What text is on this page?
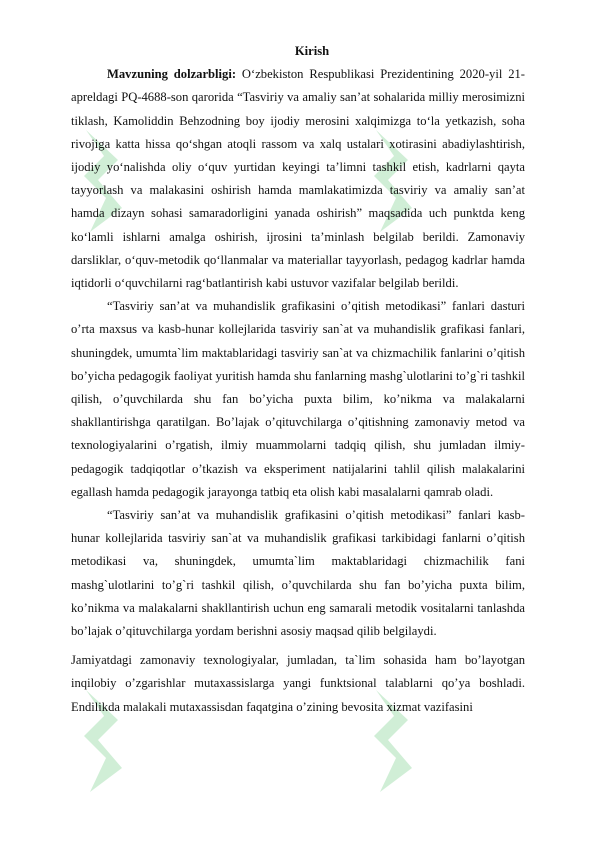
Kirish

Mavzuning dolzarbligi: O‘zbekiston Respublikasi Prezidentining 2020-yil 21-apreldagi PQ-4688-son qarorida “Tasviriy va amaliy san’at sohalarida milliy merosimizni tiklash, Kamoliddin Behzodning boy ijodiy merosini xalqimizga to‘la yetkazish, soha rivojiga katta hissa qo‘shgan atoqli rassom va xalq ustalari xotirasini abadiylashtirish, ijodiy yo‘nalishda oliy o‘quv yurtidan keyingi ta’limni tashkil etish, kadrlarni qayta tayyorlash va malakasini oshirish hamda mamlakatimizda tasviriy va amaliy san’at hamda dizayn sohasi samaradorligini yanada oshirish” maqsadida uch punktda keng ko‘lamli ishlarni amalga oshirish, ijrosini ta’minlash belgilab berildi. Zamonaviy darsliklar, o‘quv-metodik qo‘llanmalar va materiallar tayyorlash, pedagog kadrlar hamda iqtidorli o‘quvchilarni rag‘batlantirish kabi ustuvor vazifalar belgilab berildi.

“Tasviriy san’at va muhandislik grafikasini o’qitish metodikasi” fanlari dasturi o’rta maxsus va kasb-hunar kollejlarida tasviriy san`at va muhandislik grafikasi fanlari, shuningdek, umumta`lim maktablaridagi tasviriy san`at va chizmachilik fanlarini o’qitish bo’yicha pedagogik faoliyat yuritish hamda shu fanlarning mashg`ulotlarini to’g`ri tashkil qilish, o’quvchilarda shu fan bo’yicha puxta bilim, ko’nikma va malakalarni shakllantirishga qaratilgan. Bo’lajak o’qituvchilarga o’qitishning zamonaviy metod va texnologiyalarini o’rgatish, ilmiy muammolarni tadqiq qilish, shu jumladan ilmiy-pedagogik tadqiqotlar o’tkazish va eksperiment natijalarini tahlil qilish malakalarini egallash hamda pedagogik jarayonga tatbiq eta olish kabi masalalarni qamrab oladi.

“Tasviriy san’at va muhandislik grafikasini o’qitish metodikasi” fanlari kasb-hunar kollejlarida tasviriy san`at va muhandislik grafikasi tarkibidagi fanlarni o’qitish metodikasi va, shuningdek, umumta`lim maktablaridagi chizmachilik fani mashg`ulotlarini to’g`ri tashkil qilish, o’quvchilarda shu fan bo’yicha puxta bilim, ko’nikma va malakalarni shakllantirish uchun eng samarali metodik vositalarni tanlashda bo’lajak o’qituvchilarga yordam berishni asosiy maqsad qilib belgilaydi.

Jamiyatdagi zamonaviy texnologiyalar, jumladan, ta`lim sohasida ham bo’layotgan inqilobiy o’zgarishlar mutaxassislarga yangi funktsional talablarni qo’ya boshladi. Endilikda malakali mutaxassisdan faqatgina o’zining bevosita xizmat vazifasini
